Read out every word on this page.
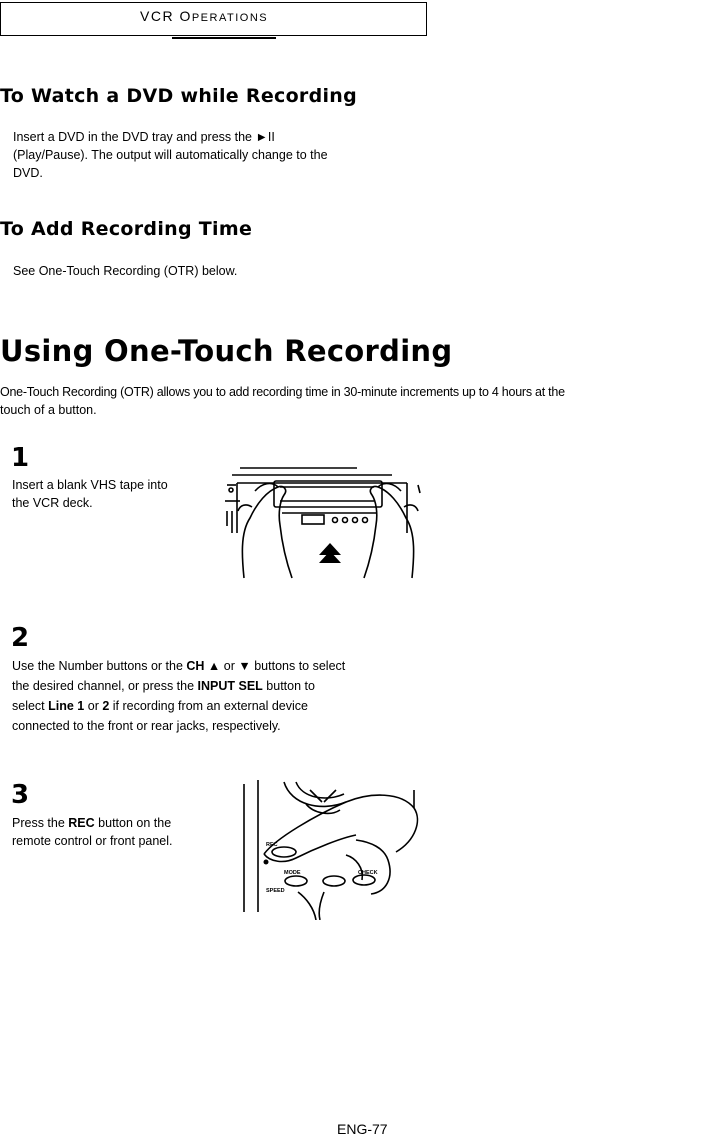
VCR OPERATIONS
To Watch a DVD while Recording

Insert a DVD in the DVD tray and press the ►II

(Play/Pause). The output will automatically change to the

DVD.

To Add Recording Time

See One-Touch Recording (OTR) below.

Using One-Touch Recording

One-Touch Recording (OTR) allows you to add recording time in 30-minute increments up to 4 hours at the

touch of a button.

1

Insert a blank VHS tape into

the VCR deck.

2

Use the Number buttons or the CH ▲ or ▼ buttons to select

the desired channel, or press the INPUT SEL button to

select Line 1 or 2 if recording from an external device

connected to the front or rear jacks, respectively.

3

Press the REC button on the

remote control or front panel.	REC
MODE	CHECK
SPEED
ENG-77
